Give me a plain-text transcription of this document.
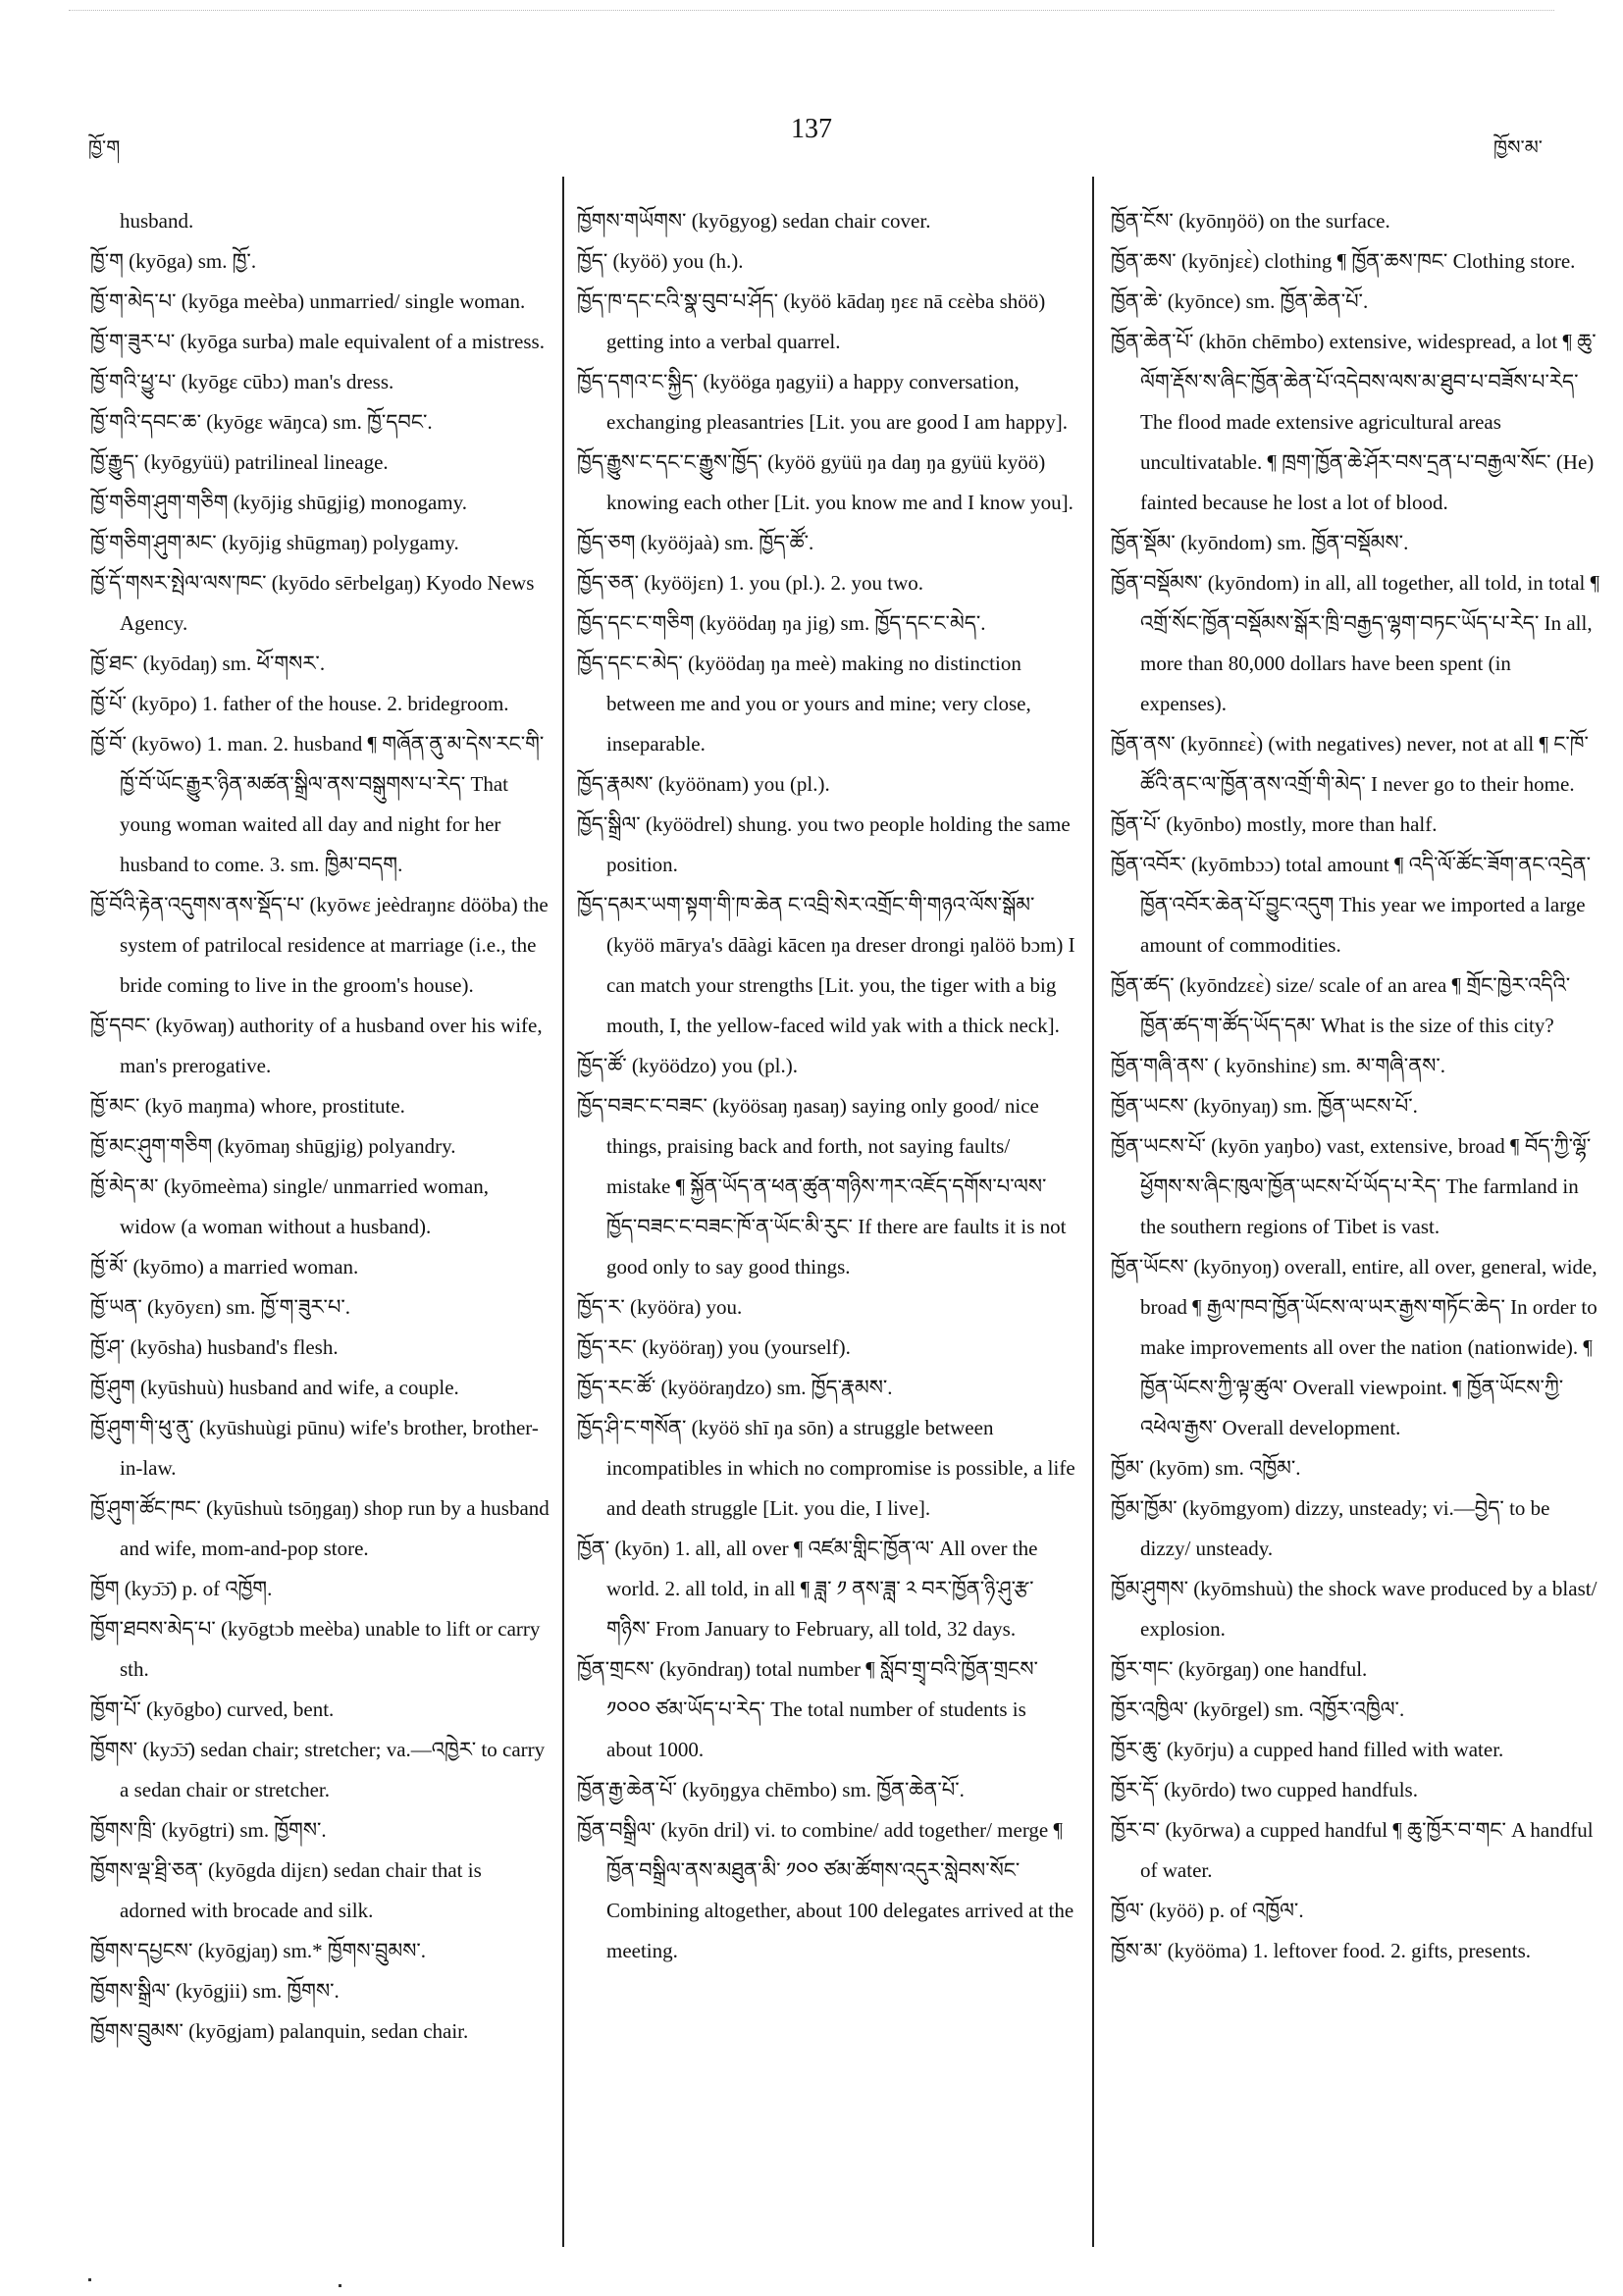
ཁྱོ་ག
137
ཁྱོས་མ་

husband.

ཁྱོ་ག (kyōga) sm. ཁྱོ་.

ཁྱོ་ག་མེད་པ་ (kyōga meèba) unmarried/ single woman.

ཁྱོ་ག་ཟུར་པ་ (kyōga surba) male equivalent of a mistress.

ཁྱོ་གའི་ཕྱུ་པ་ (kyōgɛ cūbɔ) man's dress.

ཁྱོ་གའི་དབང་ཆ་ (kyōgɛ wāŋca) sm. ཁྱོ་དབང་.

ཁྱོ་རྒྱུད་ (kyōgyüü) patrilineal lineage.

ཁྱོ་གཅིག་ཤུག་གཅིག (kyōjig shūgjig) monogamy.

ཁྱོ་གཅིག་ཤུག་མང་ (kyōjig shūgmaŋ) polygamy.

ཁྱོ་དོ་གསར་སྤེལ་ལས་ཁང་ (kyōdo sērbelgaŋ) Kyodo News Agency.

ཁྱོ་ཐང་ (kyōdaŋ) sm. ཕོ་གསར་.

ཁྱོ་པོ་ (kyōpo) 1. father of the house. 2. bridegroom.

ཁྱོ་བོ་ (kyōwo) 1. man. 2. husband ¶ གཞོན་ནུ་མ་དེས་རང་གི་ཁྱོ་བོ་ཡོང་རྒྱུར་ཉིན་མཚན་སྒྲིལ་ནས་བསྒུགས་པ་རེད་ That young woman waited all day and night for her husband to come. 3. sm. ཁྱིམ་བདག.

ཁྱོ་བོའི་རྟེན་འདུགས་ནས་སྡོད་པ་ (kyōwɛ jeèdraŋnɛ dööba) the system of patrilocal residence at marriage (i.e., the bride coming to live in the groom's house).

ཁྱོ་དབང་ (kyōwaŋ) authority of a husband over his wife, man's prerogative.

ཁྱོ་མང་ (kyō maŋma) whore, prostitute.

ཁྱོ་མང་ཤུག་གཅིག (kyōmaŋ shūgjig) polyandry.

ཁྱོ་མེད་མ་ (kyōmeèma) single/ unmarried woman, widow (a woman without a husband).

ཁྱོ་མོ་ (kyōmo) a married woman.

ཁྱོ་ཡན་ (kyōyɛn) sm. ཁྱོ་ག་ཟུར་པ་.

ཁྱོ་ཤ་ (kyōsha) husband's flesh.

ཁྱོ་ཤུག (kyūshuù) husband and wife, a couple.

ཁྱོ་ཤུག་གི་ཕུ་ནུ་ (kyūshuùgi pūnu) wife's brother, brother-in-law.

ཁྱོ་ཤུག་ཚོང་ཁང་ (kyūshuù tsōŋgaŋ) shop run by a husband and wife, mom-and-pop store.

ཁྱོག (kyɔ̄ɔ̄) p. of འཁྱོག.

ཁྱོག་ཐབས་མེད་པ་ (kyōgtɔb meèba) unable to lift or carry sth.

ཁྱོག་པོ་ (kyōgbo) curved, bent.

ཁྱོགས་ (kyɔ̄ɔ̄) sedan chair; stretcher; va.—འཁྱེར་ to carry a sedan chair or stretcher.

ཁྱོགས་ཁྲི་ (kyōgtri) sm. ཁྱོགས་.

ཁྱོགས་ལྡ་ཐྲི་ཅན་ (kyōgda dijɛn) sedan chair that is adorned with brocade and silk.

ཁྱོགས་དཔྱངས་ (kyōgjaŋ) sm.* ཁྱོགས་བྲུམས་.

ཁྱོགས་སྒྲིལ་ (kyōgjii) sm. ཁྱོགས་.

ཁྱོགས་བྲུམས་ (kyōgjam) palanquin, sedan chair.

ཁྱོགས་གཡོགས་ (kyōgyog) sedan chair cover.

ཁྱོད་ (kyöö) you (h.).

ཁྱོད་ཁ་དང་ངའི་སྣ་བུབ་པ་ཤོད་ (kyöö kādaŋ ŋɛɛ nā cɛèba shöö) getting into a verbal quarrel.

ཁྱོད་དགའ་ང་སྐྱིད་ (kyööga ŋagyii) a happy conversation, exchanging pleasantries [Lit. you are good I am happy].

ཁྱོད་རྒྱུས་ང་དང་ང་རྒྱུས་ཁྱོད་ (kyöö gyüü ŋa daŋ ŋa gyüü kyöö) knowing each other [Lit. you know me and I know you].

ཁྱོད་ཅག (kyööjaà) sm. ཁྱོད་ཚོ་.

ཁྱོད་ཅན་ (kyööjɛn) 1. you (pl.). 2. you two.

ཁྱོད་དང་ང་གཅིག (kyöödaŋ ŋa jig) sm. ཁྱོད་དང་ང་མེད་.

ཁྱོད་དང་ང་མེད་ (kyöödaŋ ŋa meè) making no distinction between me and you or yours and mine; very close, inseparable.

ཁྱོད་རྣམས་ (kyöönam) you (pl.).

ཁྱོད་སྒྲིལ་ (kyöödrel) shung. you two people holding the same position.

ཁྱོད་དམར་ཡག་སྟག་གི་ཁ་ཆེན ང་འབྲི་སེར་འགྲོང་གི་གཉའ་ལོས་སྒོམ་ (kyöö mārya's dāàgi kācen ŋa dreser drongi ŋalöö bɔm) I can match your strengths [Lit. you, the tiger with a big mouth, I, the yellow-faced wild yak with a thick neck].

ཁྱོད་ཚོ་ (kyöödzo) you (pl.).

ཁྱོད་བཟང་ང་བཟང་ (kyöösaŋ ŋasaŋ) saying only good/ nice things, praising back and forth, not saying faults/ mistake ¶ སྐྱོན་ཡོད་ན་ཕན་ཚུན་གཉིས་ཀར་འཇོད་དགོས་པ་ལས་ཁྱོད་བཟང་ང་བཟང་ཁོ་ན་ཡོང་མི་རུང་ If there are faults it is not good only to say good things.

ཁྱོད་ར་ (kyööra) you.

ཁྱོད་རང་ (kyööraŋ) you (yourself).

ཁྱོད་རང་ཚོ་ (kyööraŋdzo) sm. ཁྱོད་རྣམས་.

ཁྱོད་ཤི་ང་གསོན་ (kyöö shī ŋa sōn) a struggle between incompatibles in which no compromise is possible, a life and death struggle [Lit. you die, I live].

ཁྱོན་ (kyōn) 1. all, all over ¶ འཛམ་གླིང་ཁྱོན་ལ་ All over the world. 2. all told, in all ¶ ཟླ་ ༡ ནས་ཟླ་ ༢ བར་ཁྱོན་ཉི་ཤུ་རྩ་གཉིས་ From January to February, all told, 32 days.

ཁྱོན་གྲངས་ (kyōndraŋ) total number ¶ སློབ་གྲྭ་བའི་ཁྱོན་གྲངས་ ༡༠༠༠ ཙམ་ཡོད་པ་རེད་ The total number of students is about 1000.

ཁྱོན་རྒྱ་ཆེན་པོ་ (kyōŋgya chēmbo) sm. ཁྱོན་ཆེན་པོ་.

ཁྱོན་བསྒྲིལ་ (kyōn dril) vi. to combine/ add together/ merge ¶ ཁྱོན་བསྒྲིལ་ནས་མཐུན་མི་ ༡༠༠ ཙམ་ཚོགས་འདུར་སླེབས་སོང་ Combining altogether, about 100 delegates arrived at the meeting.

ཁྱོན་ངོས་ (kyōnŋöö) on the surface.

ཁྱོན་ཆས་ (kyōnjɛɛ̀) clothing ¶ ཁྱོན་ཆས་ཁང་ Clothing store.

ཁྱོན་ཆེ་ (kyōnce) sm. ཁྱོན་ཆེན་པོ་.

ཁྱོན་ཆེན་པོ་ (khōn chēmbo) extensive, widespread, a lot ¶ ཆུ་ལོག་རྡོས་ས་ཞིང་ཁྱོན་ཆེན་པོ་འདེབས་ལས་མ་ཐུབ་པ་བཟོས་པ་རེད་ The flood made extensive agricultural areas uncultivatable. ¶ ཁྲག་ཁྱོན་ཆེ་ཤོར་བས་དྲན་པ་བརྒྱལ་སོང་ (He) fainted because he lost a lot of blood.

ཁྱོན་སྡོམ་ (kyōndom) sm. ཁྱོན་བསྡོམས་.

ཁྱོན་བསྡོམས་ (kyōndom) in all, all together, all told, in total ¶ འགྲོ་སོང་ཁྱོན་བསྡོམས་སྒོར་ཁྲི་བརྒྱད་ལྷག་བཏང་ཡོད་པ་རེད་ In all, more than 80,000 dollars have been spent (in expenses).

ཁྱོན་ནས་ (kyōnnɛɛ̀) (with negatives) never, not at all ¶ ང་ཁོ་ཚོའི་ནང་ལ་ཁྱོན་ནས་འགྲོ་གི་མེད་ I never go to their home.

ཁྱོན་པོ་ (kyōnbo) mostly, more than half.

ཁྱོན་འབོར་ (kyōmbɔɔ) total amount ¶ འདི་ལོ་ཚོང་ཟོག་ནང་འདྲེན་ཁྱོན་འབོར་ཆེན་པོ་བྱུང་འདུག This year we imported a large amount of commodities.

ཁྱོན་ཚད་ (kyōndzɛɛ̀) size/ scale of an area ¶ གྲོང་ཁྱེར་འདིའི་ཁྱོན་ཚད་ག་ཚོད་ཡོད་དམ་ What is the size of this city?

ཁྱོན་གཞི་ནས་ ( kyōnshinɛ) sm. མ་གཞི་ནས་.

ཁྱོན་ཡངས་ (kyōnyaŋ) sm. ཁྱོན་ཡངས་པོ་.

ཁྱོན་ཡངས་པོ་ (kyōn yaŋbo) vast, extensive, broad ¶ བོད་ཀྱི་ལྷོ་ཕྱོགས་ས་ཞིང་ཁུལ་ཁྱོན་ཡངས་པོ་ཡོད་པ་རེད་ The farmland in the southern regions of Tibet is vast.

ཁྱོན་ཡོངས་ (kyōnyoŋ) overall, entire, all over, general, wide, broad ¶ རྒྱལ་ཁབ་ཁྱོན་ཡོངས་ལ་ཡར་རྒྱས་གཏོང་ཆེད་ In order to make improvements all over the nation (nationwide). ¶ ཁྱོན་ཡོངས་ཀྱི་ལྟ་ཚུལ་ Overall viewpoint. ¶ ཁྱོན་ཡོངས་ཀྱི་འཕེལ་རྒྱས་ Overall development.

ཁྱོམ་ (kyōm) sm. འཁྱོམ་.

ཁྱོམ་ཁྱོམ་ (kyōmgyom) dizzy, unsteady; vi.—བྱེད་ to be dizzy/ unsteady.

ཁྱོམ་ཤུགས་ (kyōmshuù) the shock wave produced by a blast/ explosion.

ཁྱོར་གང་ (kyōrgaŋ) one handful.

ཁྱོར་འཁྱིལ་ (kyōrgel) sm. འཁྱོར་འཁྱིལ་.

ཁྱོར་ཆུ་ (kyōrju) a cupped hand filled with water.

ཁྱོར་དོ་ (kyōrdo) two cupped handfuls.

ཁྱོར་བ་ (kyōrwa) a cupped handful ¶ ཆུ་ཁྱོར་བ་གང་ A handful of water.

ཁྱོལ་ (kyöö) p. of འཁྱོལ་.

ཁྱོས་མ་ (kyööma) 1. leftover food. 2. gifts, presents.
